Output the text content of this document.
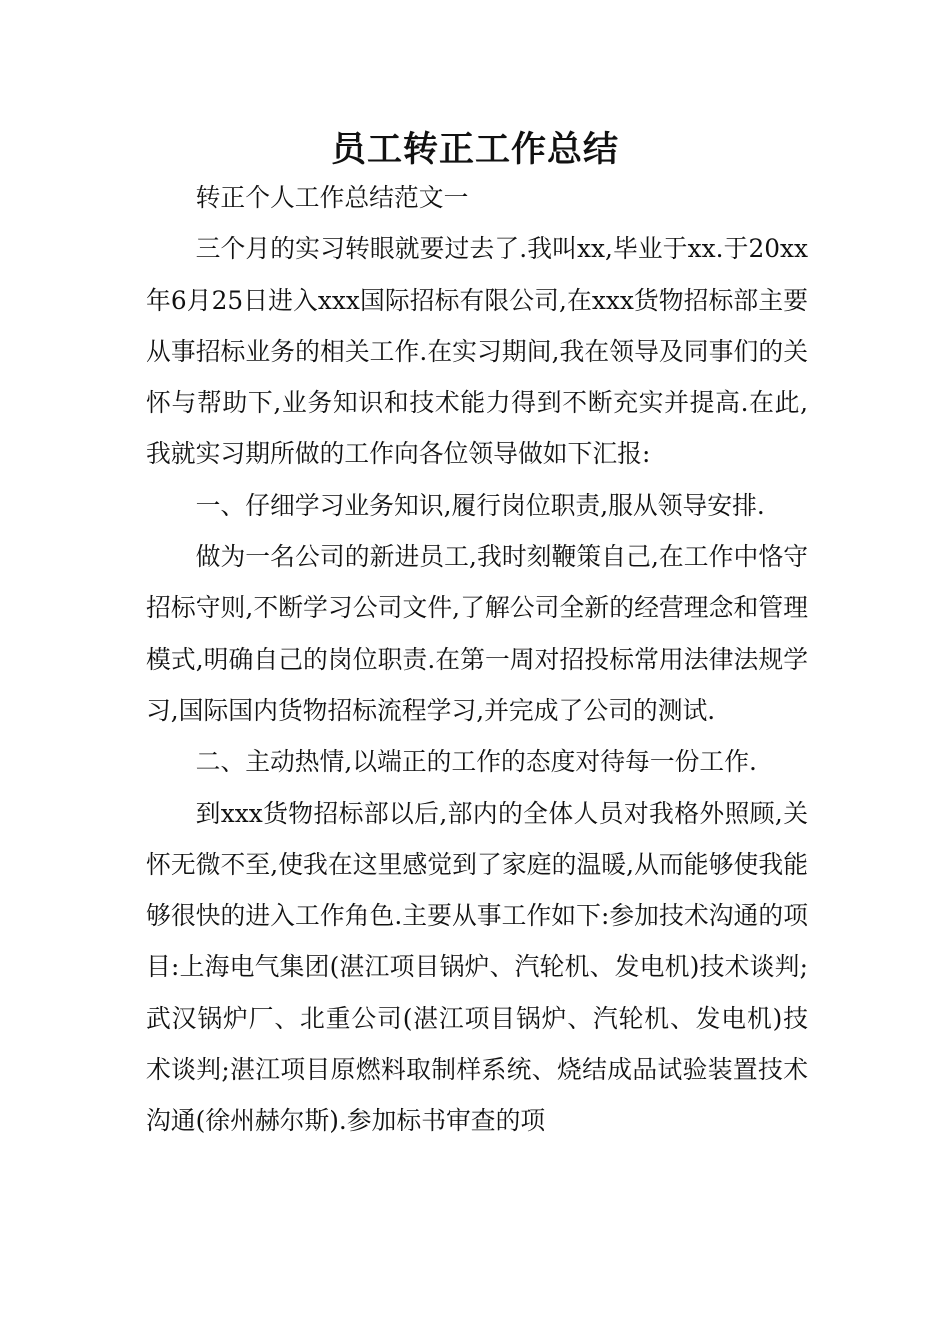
员工转正工作总结

转正个人工作总结范文一

三个月的实习转眼就要过去了.我叫xx,毕业于xx.于20xx年6月25日进入xxx国际招标有限公司,在xxx货物招标部主要从事招标业务的相关工作.在实习期间,我在领导及同事们的关怀与帮助下,业务知识和技术能力得到不断充实并提高.在此,我就实习期所做的工作向各位领导做如下汇报:

一、仔细学习业务知识,履行岗位职责,服从领导安排.

做为一名公司的新进员工,我时刻鞭策自己,在工作中恪守招标守则,不断学习公司文件,了解公司全新的经营理念和管理模式,明确自己的岗位职责.在第一周对招投标常用法律法规学习,国际国内货物招标流程学习,并完成了公司的测试.

二、主动热情,以端正的工作的态度对待每一份工作.

到xxx货物招标部以后,部内的全体人员对我格外照顾,关怀无微不至,使我在这里感觉到了家庭的温暖,从而能够使我能够很快的进入工作角色.主要从事工作如下:参加技术沟通的项目:上海电气集团(湛江项目锅炉、汽轮机、发电机)技术谈判;武汉锅炉厂、北重公司(湛江项目锅炉、汽轮机、发电机)技术谈判;湛江项目原燃料取制样系统、烧结成品试验装置技术沟通(徐州赫尔斯).参加标书审查的项
